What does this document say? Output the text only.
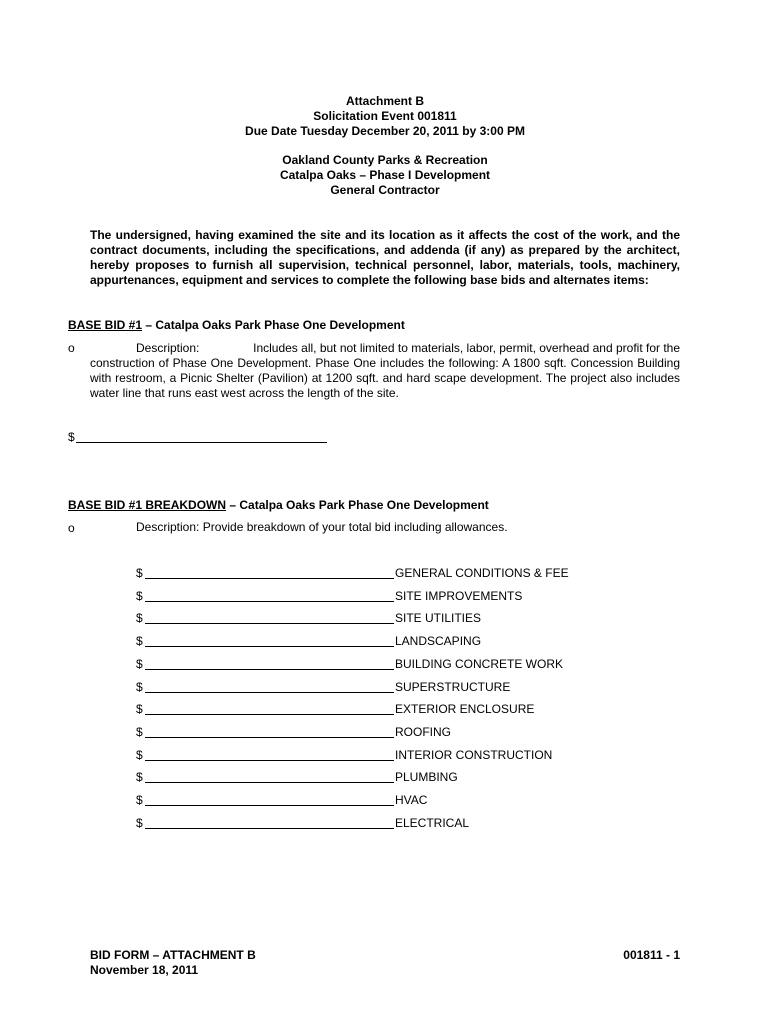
Attachment B
Solicitation Event 001811
Due Date Tuesday December 20, 2011 by 3:00 PM
Oakland County Parks & Recreation
Catalpa Oaks – Phase I Development
General Contractor
The undersigned, having examined the site and its location as it affects the cost of the work, and the contract documents, including the specifications, and addenda (if any) as prepared by the architect, hereby proposes to furnish all supervision, technical personnel, labor, materials, tools, machinery, appurtenances, equipment and services to complete the following base bids and alternates items:
BASE BID #1 – Catalpa Oaks Park Phase One Development
o	Description:	Includes all, but not limited to materials, labor, permit, overhead and profit for the
construction of Phase One Development. Phase One includes the following: A 1800 sqft. Concession Building with restroom, a Picnic Shelter (Pavilion) at 1200 sqft. and hard scape development. The project also includes water line that runs east west across the length of the site.
$
BASE BID #1 BREAKDOWN – Catalpa Oaks Park Phase One Development
o	Description: Provide breakdown of your total bid including allowances.
$	GENERAL CONDITIONS & FEE
$	SITE IMPROVEMENTS
$	SITE UTILITIES
$	LANDSCAPING
$	BUILDING CONCRETE WORK
$	SUPERSTRUCTURE
$	EXTERIOR ENCLOSURE
$	ROOFING
$	INTERIOR CONSTRUCTION
$	PLUMBING
$	HVAC
$	ELECTRICAL
BID FORM – ATTACHMENT B
November 18, 2011
001811 - 1
